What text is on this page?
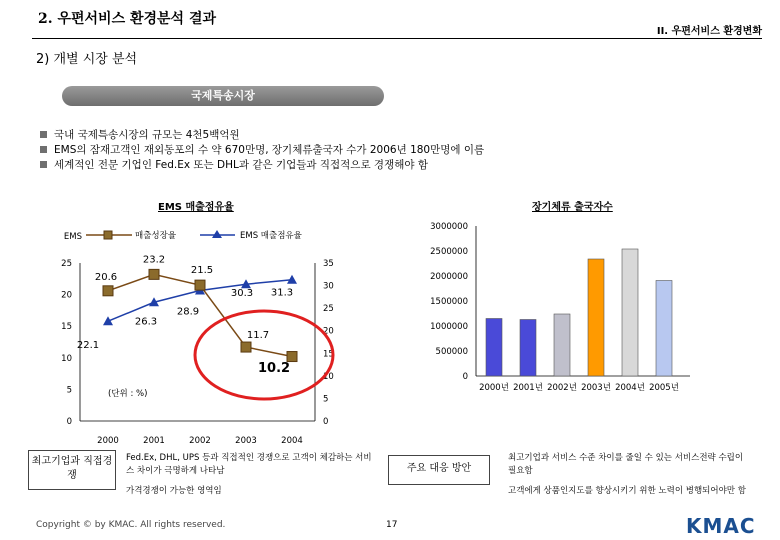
2. 우편서비스 환경분석 결과
II. 우편서비스 환경변화
2) 개별 시장 분석
국제특송시장
국내 국제특송시장의 규모는 4천5백억원
EMS의 잠재고객인 재외동포의 수 약 670만명, 장기체류출국자 수가 2006년 180만명에 이름
세계적인 전문 기업인 Fed.Ex 또는 DHL과 같은 기업들과 직접적으로 경쟁해야 함
EMS 매출점유율	장기체류 출국자수
EMS	매출성장율	EMS 매출점유율
25
20
15
10
5
0
35
30
25
20
15
10
5
0
2000	2001	2002	2003	2004
22.1
26.3
28.9
30.3 31.3
20.6
23.2
21.5
11.7
(단위 : %)
10.2
3000000
2500000
2000000
1500000
1000000
500000
0
2000년 2001년 2002년 2003년 2004년 2005년
최고기업과 직접경쟁
Fed.Ex, DHL, UPS 등과 직접적인 경쟁으로 고객이 체감하는 서비스 차이가 극명하게 나타남
가격경쟁이 가능한 영역임
주요 대응 방안
최고기업과 서비스 수준 차이를 줄일 수 있는 서비스전략 수립이 필요함
고객에게 상품인지도를 향상시키기 위한 노력이 병행되어야만 함
Copyright © by KMAC. All rights reserved.	17	KMAC
